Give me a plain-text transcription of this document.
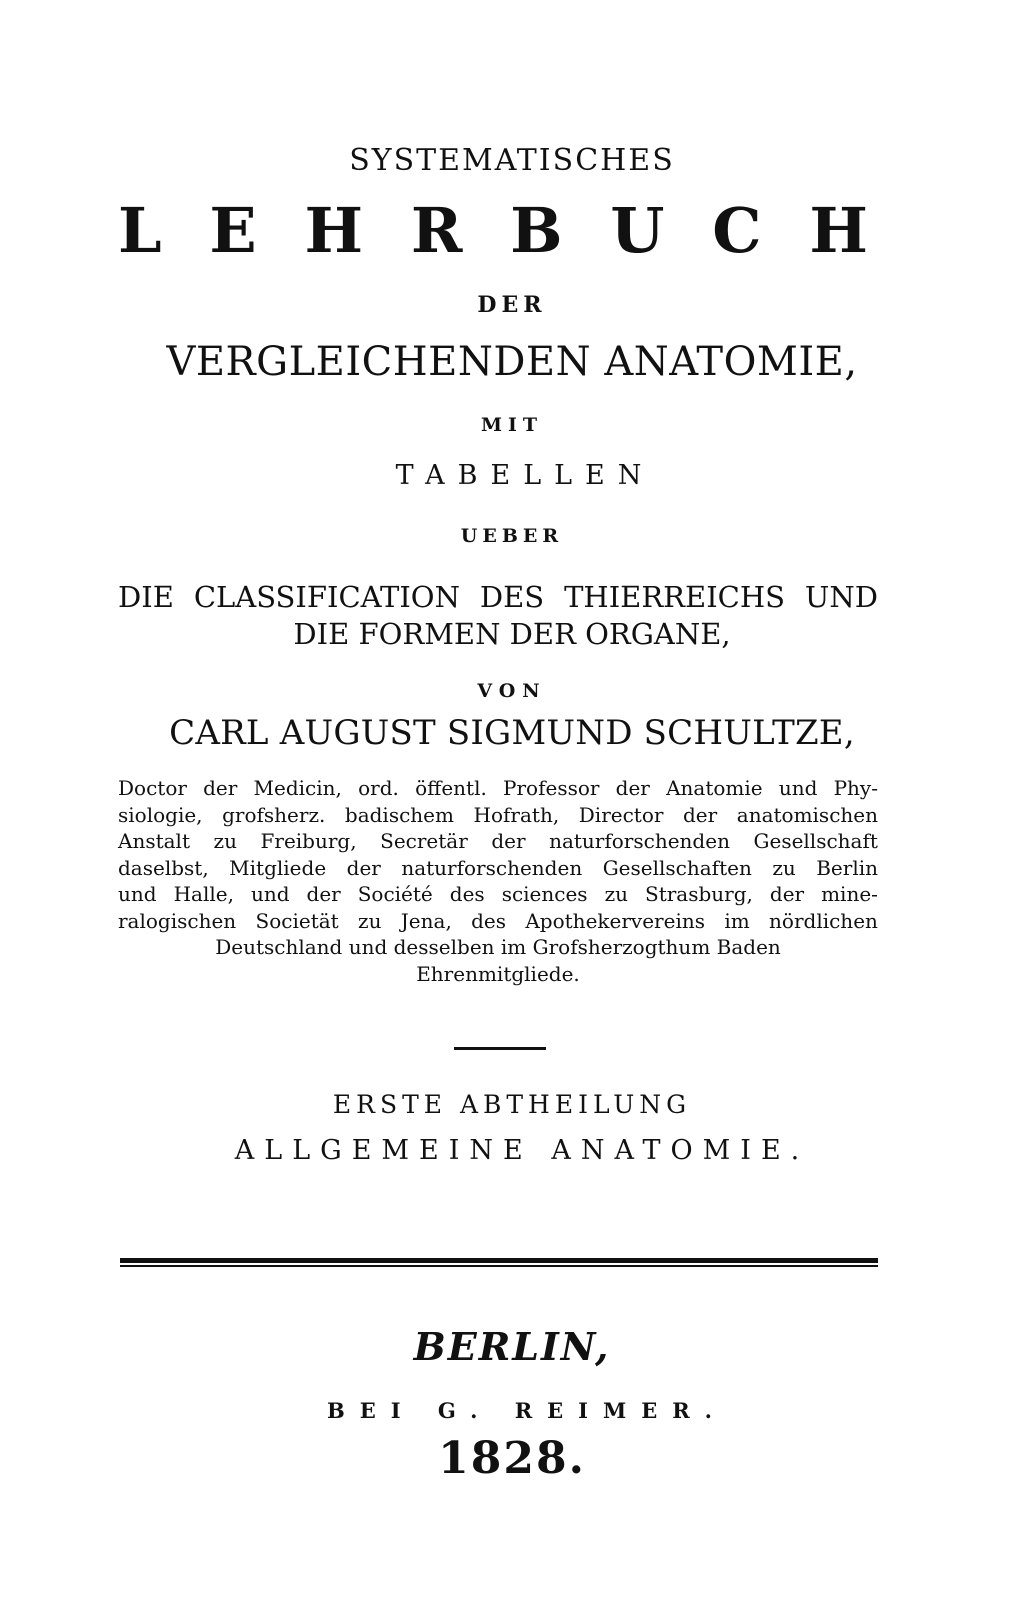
SYSTEMATISCHES
L E H R B U C H
DER
VERGLEICHENDEN ANATOMIE,
MIT
TABELLEN
UEBER
DIE CLASSIFICATION DES THIERREICHS UND
DIE FORMEN DER ORGANE,
VON
CARL AUGUST SIGMUND SCHULTZE,
Doctor der Medicin, ord. öffentl. Professor der Anatomie und Phy-
siologie, grofsherz. badischem Hofrath, Director der anatomischen
Anstalt zu Freiburg, Secretär der naturforschenden Gesellschaft
daselbst, Mitgliede der naturforschenden Gesellschaften zu Berlin
und Halle, und der Société des sciences zu Strasburg, der mine-
ralogischen Societät zu Jena, des Apothekervereins im nördlichen
Deutschland und desselben im Grofsherzogthum Baden
Ehrenmitgliede.
ERSTE ABTHEILUNG
ALLGEMEINE ANATOMIE.
BERLIN,
BEI G. REIMER.
1828.
